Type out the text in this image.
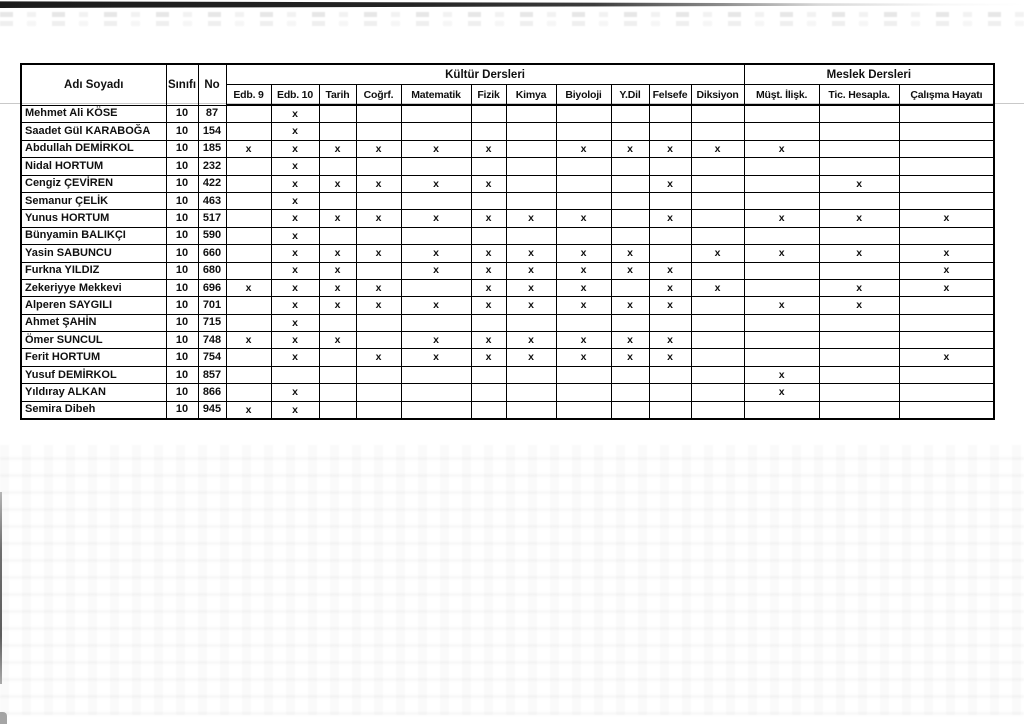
Adı Soyadı	Sınıfı	No	Kültür Dersleri											Meslek Dersleri		
			Edb. 9	Edb. 10	Tarih	Coğrf.	Matematik	Fizik	Kimya	Biyoloji	Y.Dil	Felsefe	Diksiyon	Müşt. İlişk.	Tic. Hesapla.	Çalışma Hayatı
Mehmet Ali KÖSE	10	87		x												
Saadet Gül KARABOĞA	10	154		x												
Abdullah DEMİRKOL	10	185	x	x	x	x	x	x		x	x	x	x	x		
Nidal HORTUM	10	232		x												
Cengiz ÇEVİREN	10	422		x	x	x	x	x				x			x	
Semanur ÇELİK	10	463		x												
Yunus HORTUM	10	517		x	x	x	x	x	x	x		x		x	x	x
Bünyamin BALIKÇI	10	590		x												
Yasin SABUNCU	10	660		x	x	x	x	x	x	x	x		x	x	x	x
Furkna YILDIZ	10	680		x	x		x	x	x	x	x	x				x
Zekeriyye Mekkevi	10	696	x	x	x	x		x	x	x		x	x		x	x
Alperen SAYGILI	10	701		x	x	x	x	x	x	x	x	x		x	x	
Ahmet ŞAHİN	10	715		x												
Ömer SUNCUL	10	748	x	x	x		x	x	x	x	x	x				
Ferit HORTUM	10	754		x		x	x	x	x	x	x	x				x
Yusuf DEMİRKOL	10	857												x		
Yıldıray ALKAN	10	866		x										x		
Semira Dibeh	10	945	x	x												
